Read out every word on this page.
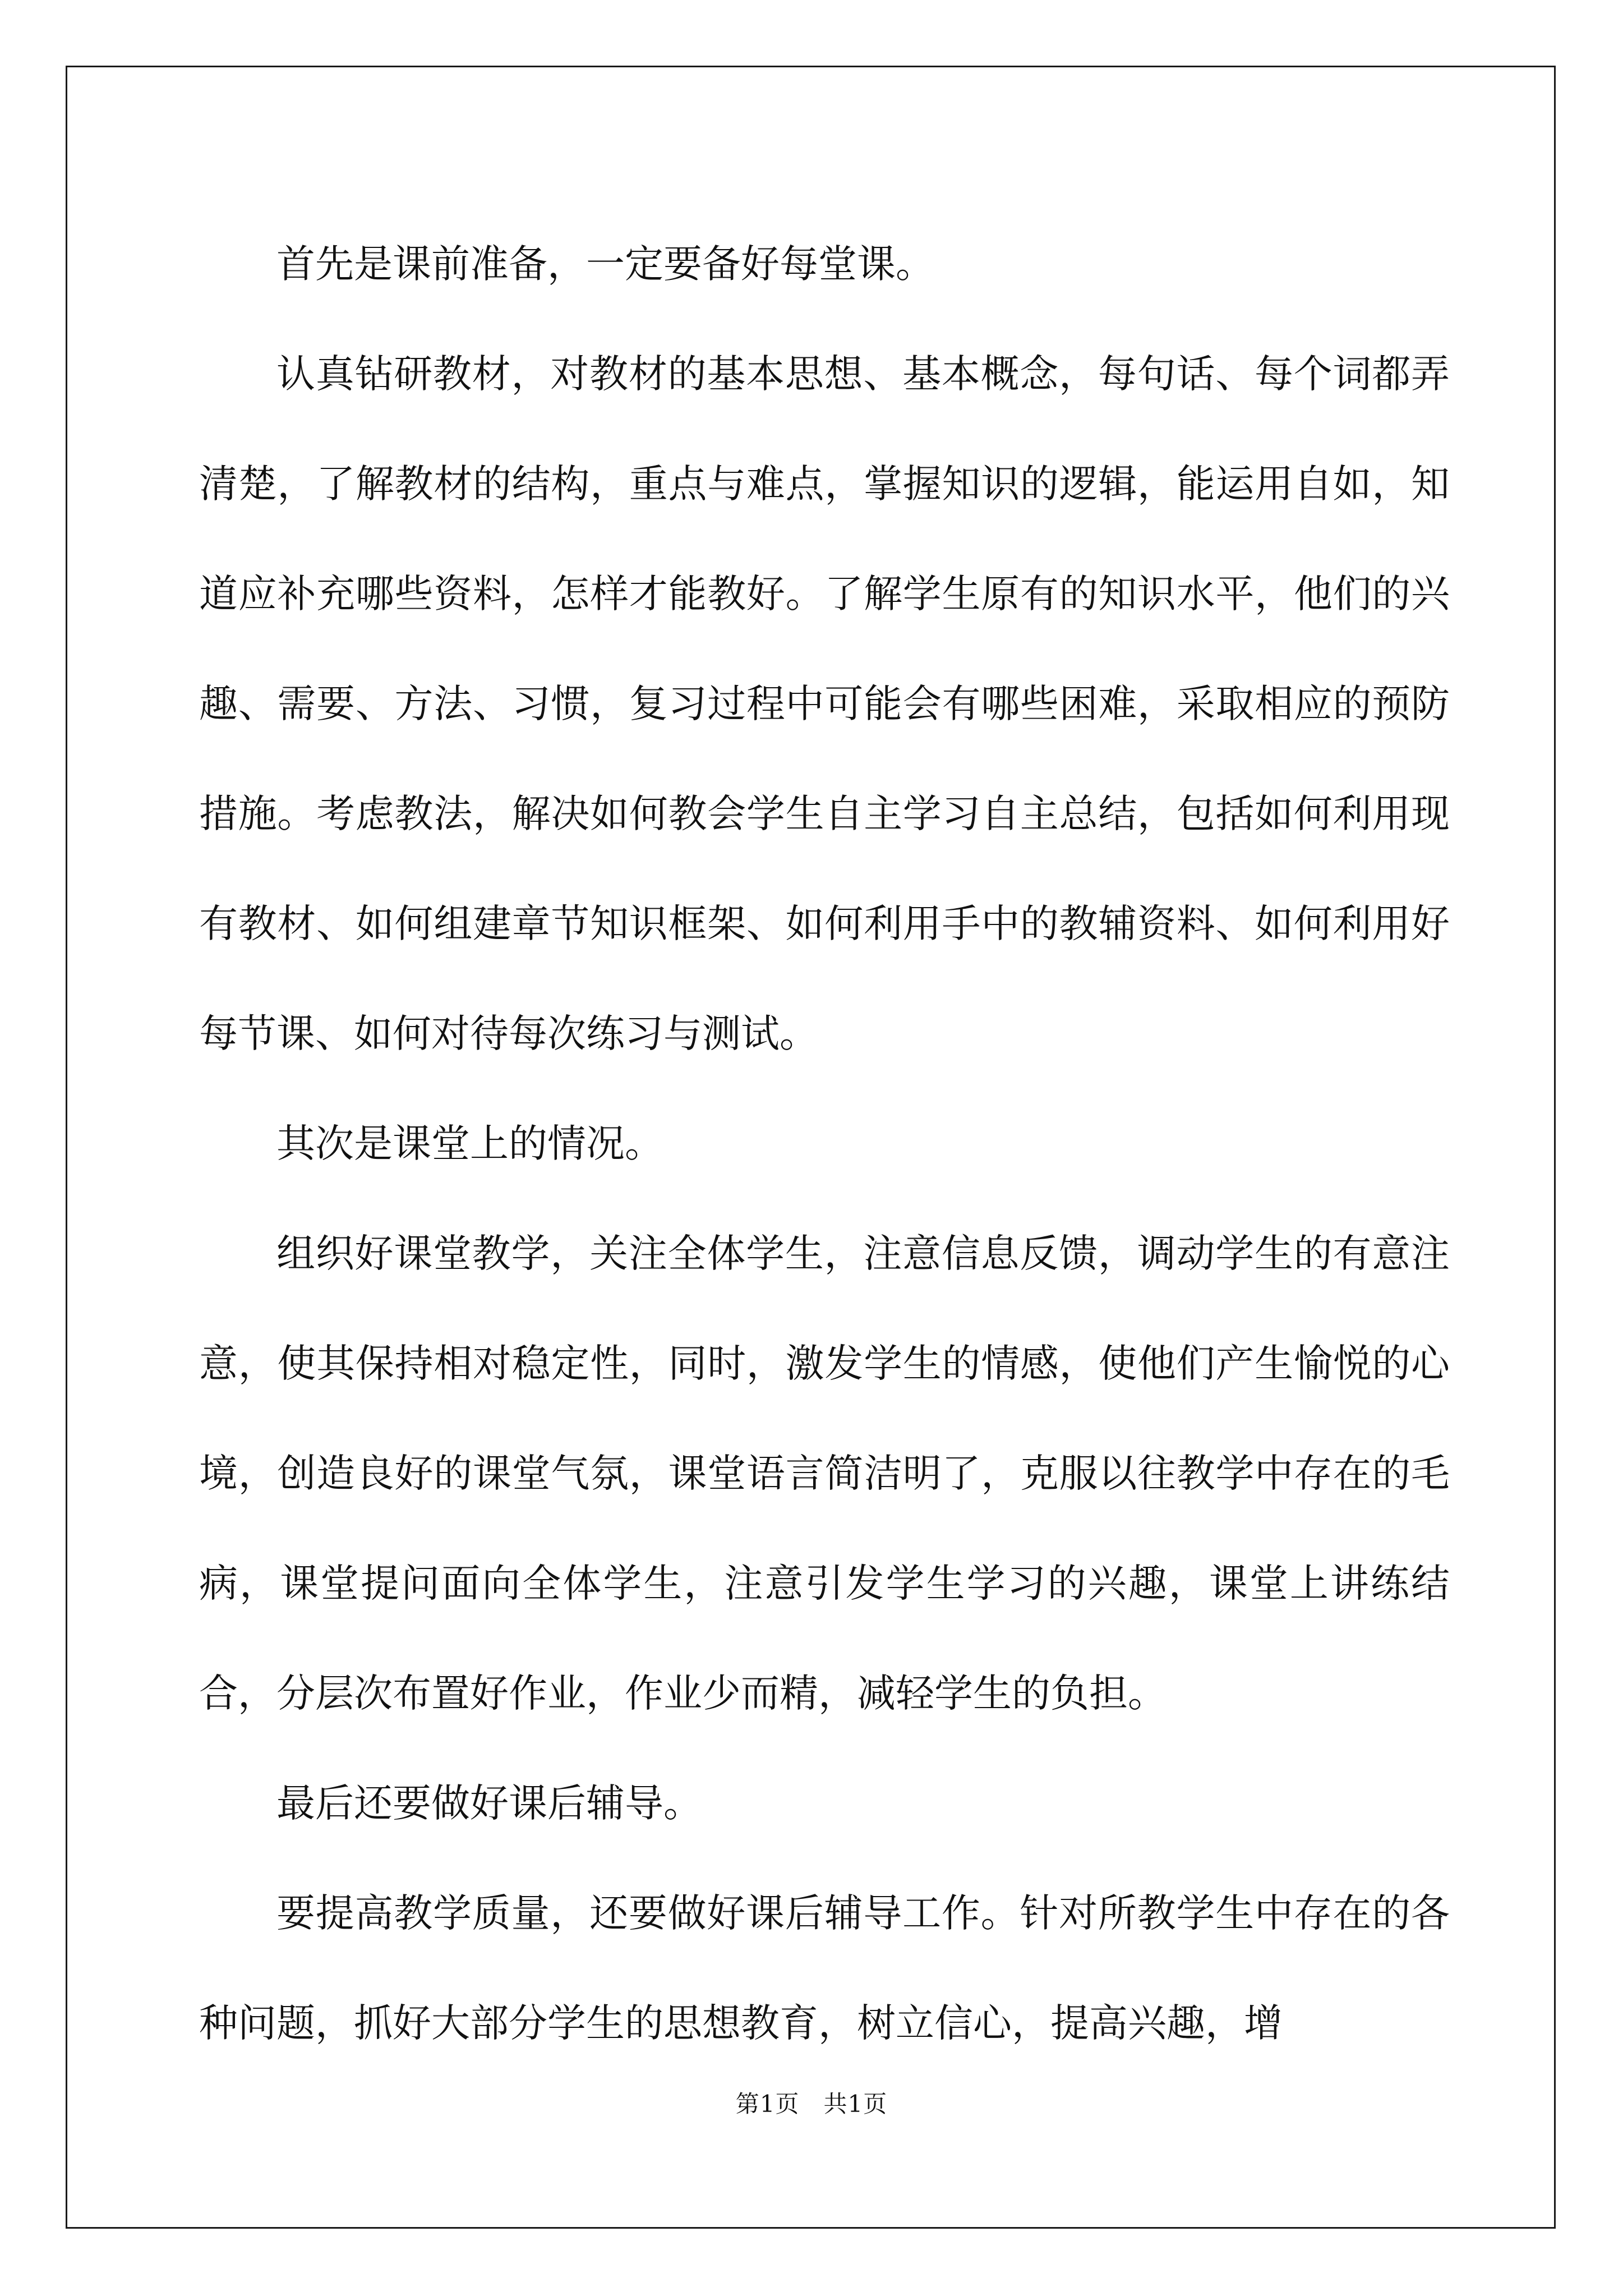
首先是课前准备，一定要备好每堂课。

认真钻研教材，对教材的基本思想、基本概念，每句话、每个词都弄清楚，了解教材的结构，重点与难点，掌握知识的逻辑，能运用自如，知道应补充哪些资料，怎样才能教好。了解学生原有的知识水平，他们的兴趣、需要、方法、习惯，复习过程中可能会有哪些困难，采取相应的预防措施。考虑教法，解决如何教会学生自主学习自主总结，包括如何利用现有教材、如何组建章节知识框架、如何利用手中的教辅资料、如何利用好每节课、如何对待每次练习与测试。

其次是课堂上的情况。

组织好课堂教学，关注全体学生，注意信息反馈，调动学生的有意注意，使其保持相对稳定性，同时，激发学生的情感，使他们产生愉悦的心境，创造良好的课堂气氛，课堂语言简洁明了，克服以往教学中存在的毛病，课堂提问面向全体学生，注意引发学生学习的兴趣，课堂上讲练结合，分层次布置好作业，作业少而精，减轻学生的负担。

最后还要做好课后辅导。

要提高教学质量，还要做好课后辅导工作。针对所教学生中存在的各种问题，抓好大部分学生的思想教育，树立信心，提高兴趣，增

第1页 共1页
